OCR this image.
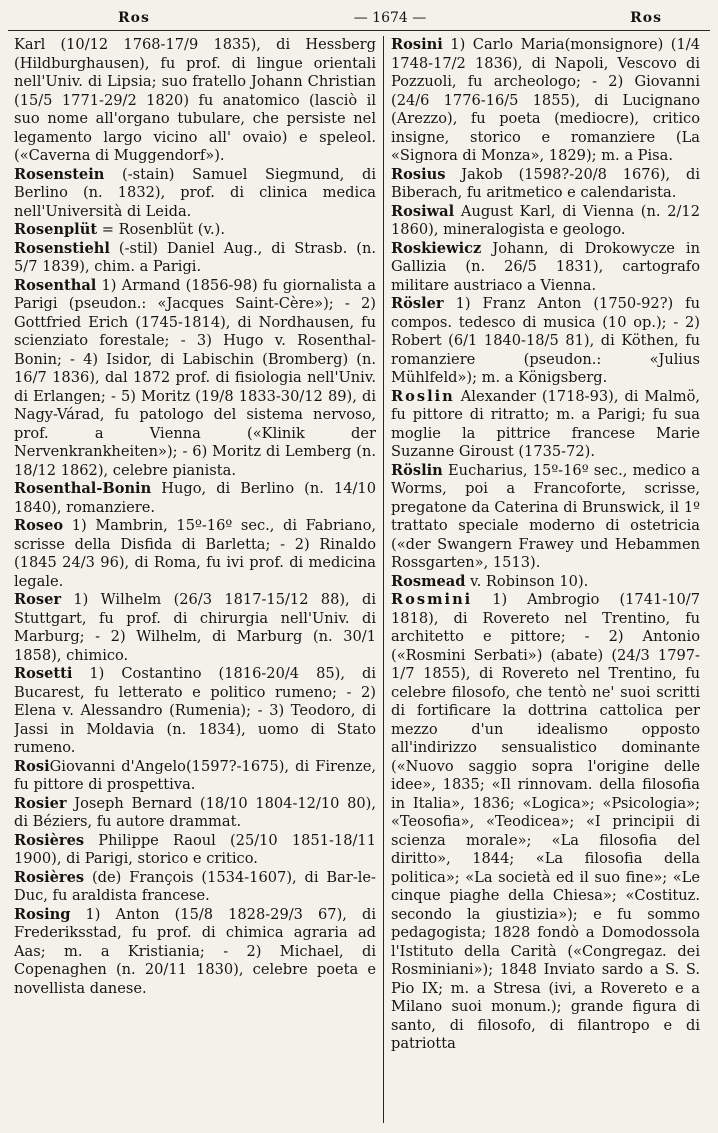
Ros	— 1674 —	Ros

Karl (10/12 1768-17/9 1835), di Hessberg (Hildburghausen), fu prof. di lingue orientali nell'Univ. di Lipsia; suo fratello Johann Christian (15/5 1771-29/2 1820) fu anatomico (lasciò il suo nome all'organo tubulare, che persiste nel legamento largo vicino all' ovaio) e speleol. («Caverna di Muggendorf»).

Rosenstein (-stain) Samuel Siegmund, di Berlino (n. 1832), prof. di clinica medica nell'Università di Leida.

Rosenplüt = Rosenblüt (v.).

Rosenstiehl (-stil) Daniel Aug., di Strasb. (n. 5/7 1839), chim. a Parigi.

Rosenthal 1) Armand (1856-98) fu giornalista a Parigi (pseudon.: «Jacques Saint-Cère»); - 2) Gottfried Erich (1745-1814), di Nordhausen, fu scienziato forestale; - 3) Hugo v. Rosenthal-Bonin; - 4) Isidor, di Labischin (Bromberg) (n. 16/7 1836), dal 1872 prof. di fisiologia nell'Univ. di Erlangen; - 5) Moritz (19/8 1833-30/12 89), di Nagy-Várad, fu patologo del sistema nervoso, prof. a Vienna («Klinik der Nervenkrankheiten»); - 6) Moritz di Lemberg (n. 18/12 1862), celebre pianista.

Rosenthal-Bonin Hugo, di Berlino (n. 14/10 1840), romanziere.

Roseo 1) Mambrin, 15º-16º sec., di Fabriano, scrisse della Disfida di Barletta; - 2) Rinaldo (1845 24/3 96), di Roma, fu ivi prof. di medicina legale.

Roser 1) Wilhelm (26/3 1817-15/12 88), di Stuttgart, fu prof. di chirurgia nell'Univ. di Marburg; - 2) Wilhelm, di Marburg (n. 30/1 1858), chimico.

Rosetti 1) Costantino (1816-20/4 85), di Bucarest, fu letterato e politico rumeno; - 2) Elena v. Alessandro (Rumenia); - 3) Teodoro, di Jassi in Moldavia (n. 1834), uomo di Stato rumeno.

RosiGiovanni d'Angelo(1597?-1675), di Firenze, fu pittore di prospettiva.

Rosier Joseph Bernard (18/10 1804-12/10 80), di Béziers, fu autore drammat.

Rosières Philippe Raoul (25/10 1851-18/11 1900), di Parigi, storico e critico.

Rosières (de) François (1534-1607), di Bar-le-Duc, fu araldista francese.

Rosing 1) Anton (15/8 1828-29/3 67), di Frederiksstad, fu prof. di chimica agraria ad Aas; m. a Kristiania; - 2) Michael, di Copenaghen (n. 20/11 1830), celebre poeta e novellista danese.

Rosini 1) Carlo Maria(monsignore) (1/4 1748-17/2 1836), di Napoli, Vescovo di Pozzuoli, fu archeologo; - 2) Giovanni (24/6 1776-16/5 1855), di Lucignano (Arezzo), fu poeta (mediocre), critico insigne, storico e romanziere (La «Signora di Monza», 1829); m. a Pisa.

Rosius Jakob (1598?-20/8 1676), di Biberach, fu aritmetico e calendarista.

Rosiwal August Karl, di Vienna (n. 2/12 1860), mineralogista e geologo.

Roskiewicz Johann, di Drokowycze in Gallizia (n. 26/5 1831), cartografo militare austriaco a Vienna.

Rösler 1) Franz Anton (1750-92?) fu compos. tedesco di musica (10 op.); - 2) Robert (6/1 1840-18/5 81), di Köthen, fu romanziere (pseudon.: «Julius Mühlfeld»); m. a Königsberg.

Roslin Alexander (1718-93), di Malmö, fu pittore di ritratto; m. a Parigi; fu sua moglie la pittrice francese Marie Suzanne Giroust (1735-72).

Röslin Eucharius, 15º-16º sec., medico a Worms, poi a Francoforte, scrisse, pregatone da Caterina di Brunswick, il 1º trattato speciale moderno di ostetricia («der Swangern Frawey und Hebammen Rossgarten», 1513).

Rosmead v. Robinson 10).

Rosmini 1) Ambrogio (1741-10/7 1818), di Rovereto nel Trentino, fu architetto e pittore; - 2) Antonio («Rosmini Serbati») (abate) (24/3 1797-1/7 1855), di Rovereto nel Trentino, fu celebre filosofo, che tentò ne' suoi scritti di fortificare la dottrina cattolica per mezzo d'un idealismo opposto all'indirizzo sensualistico dominante («Nuovo saggio sopra l'origine delle idee», 1835; «Il rinnovam. della filosofia in Italia», 1836; «Logica»; «Psicologia»; «Teosofia», «Teodicea»; «I principii di scienza morale»; «La filosofia del diritto», 1844; «La filosofia della politica»; «La società ed il suo fine»; «Le cinque piaghe della Chiesa»; «Costituz. secondo la giustizia»); e fu sommo pedagogista; 1828 fondò a Domodossola l'Istituto della Carità («Congregaz. dei Rosminiani»); 1848 Inviato sardo a S. S. Pio IX; m. a Stresa (ivi, a Rovereto e a Milano suoi monum.); grande figura di santo, di filosofo, di filantropo e di patriotta
